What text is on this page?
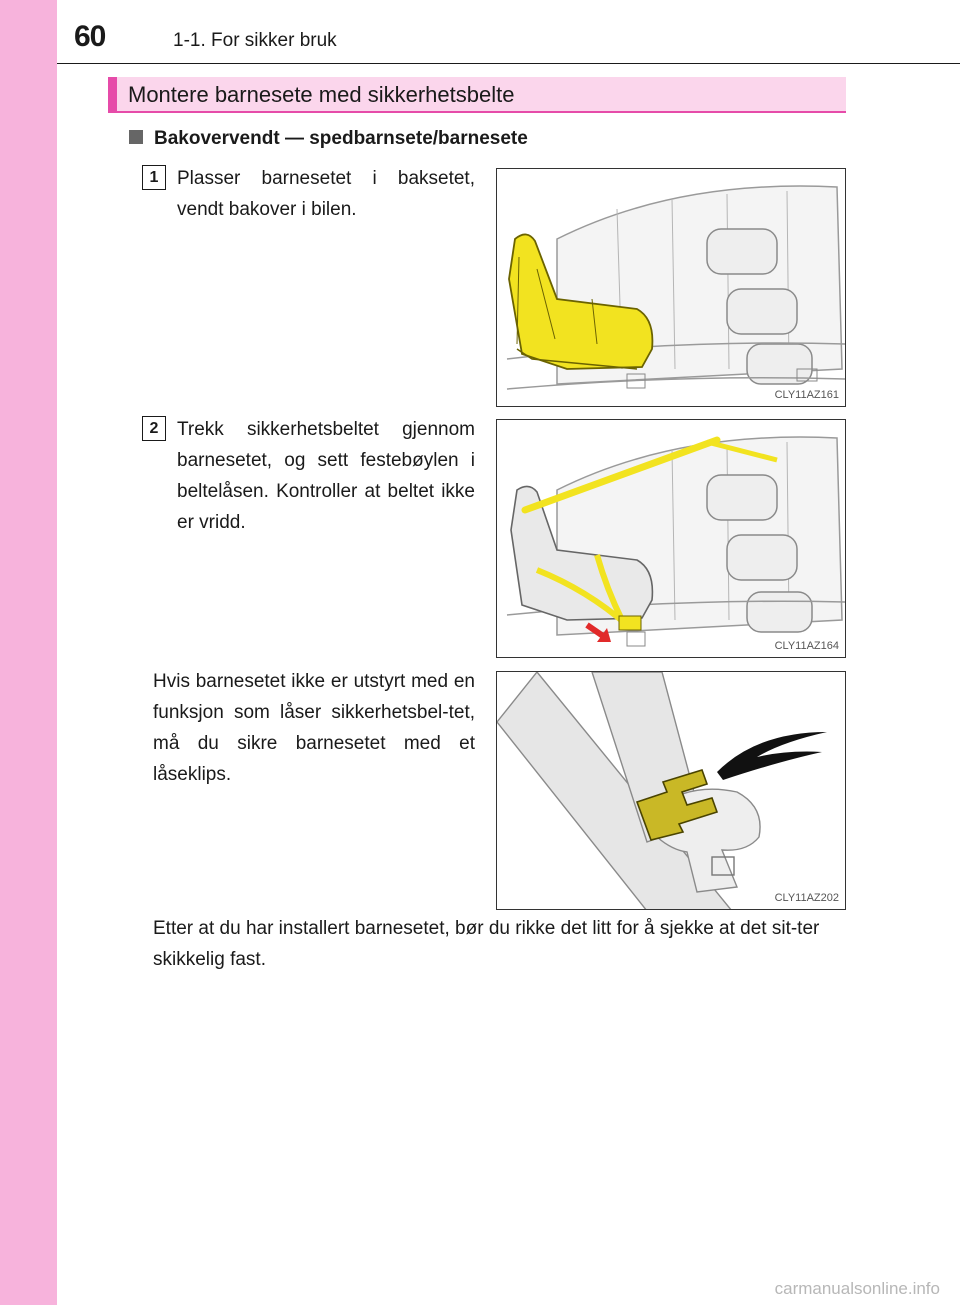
60	1-1. For sikker bruk
Montere barnesete med sikkerhetsbelte
Bakovervendt — spedbarnsete/barnesete
1 Plasser barnesetet i baksetet, vendt bakover i bilen.
CLY11AZ161
2 Trekk sikkerhetsbeltet gjennom barnesetet, og sett festebøylen i beltelåsen. Kontroller at beltet ikke er vridd.
CLY11AZ164
Hvis barnesetet ikke er utstyrt med en funksjon som låser sikkerhetsbel-tet, må du sikre barnesetet med et låseklips.
CLY11AZ202
Etter at du har installert barnesetet, bør du rikke det litt for å sjekke at det sit-ter skikkelig fast.
carmanualsonline.info
